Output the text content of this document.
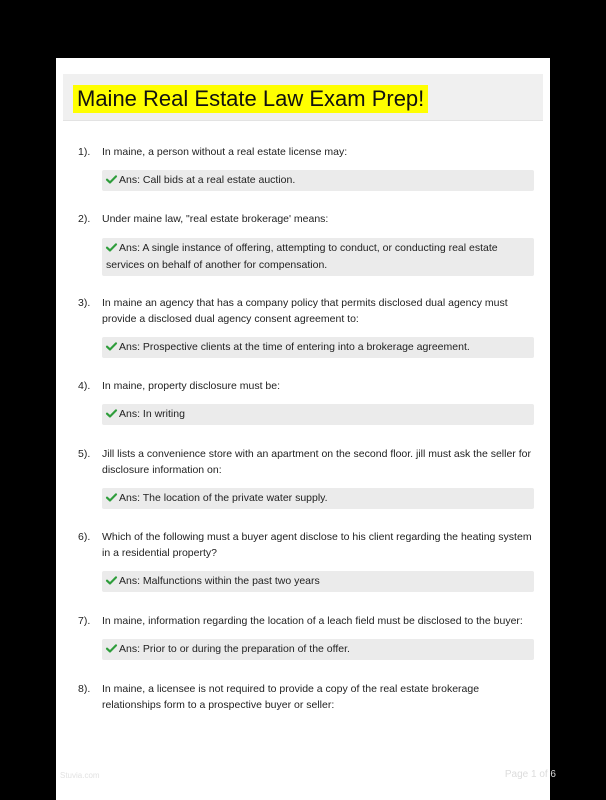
Maine Real Estate Law Exam Prep!
1). In maine, a person without a real estate license may:
Ans: Call bids at a real estate auction.
2). Under maine law, "real estate brokerage' means:
Ans: A single instance of offering, attempting to conduct, or conducting real estate services on behalf of another for compensation.
3). In maine an agency that has a company policy that permits disclosed dual agency must provide a disclosed dual agency consent agreement to:
Ans: Prospective clients at the time of entering into a brokerage agreement.
4). In maine, property disclosure must be:
Ans: In writing
5). Jill lists a convenience store with an apartment on the second floor. jill must ask the seller for disclosure information on:
Ans: The location of the private water supply.
6). Which of the following must a buyer agent disclose to his client regarding the heating system in a residential property?
Ans: Malfunctions within the past two years
7). In maine, information regarding the location of a leach field must be disclosed to the buyer:
Ans: Prior to or during the preparation of the offer.
8). In maine, a licensee is not required to provide a copy of the real estate brokerage relationships form to a prospective buyer or seller:
Stuvia.com	Page 1 of 6
